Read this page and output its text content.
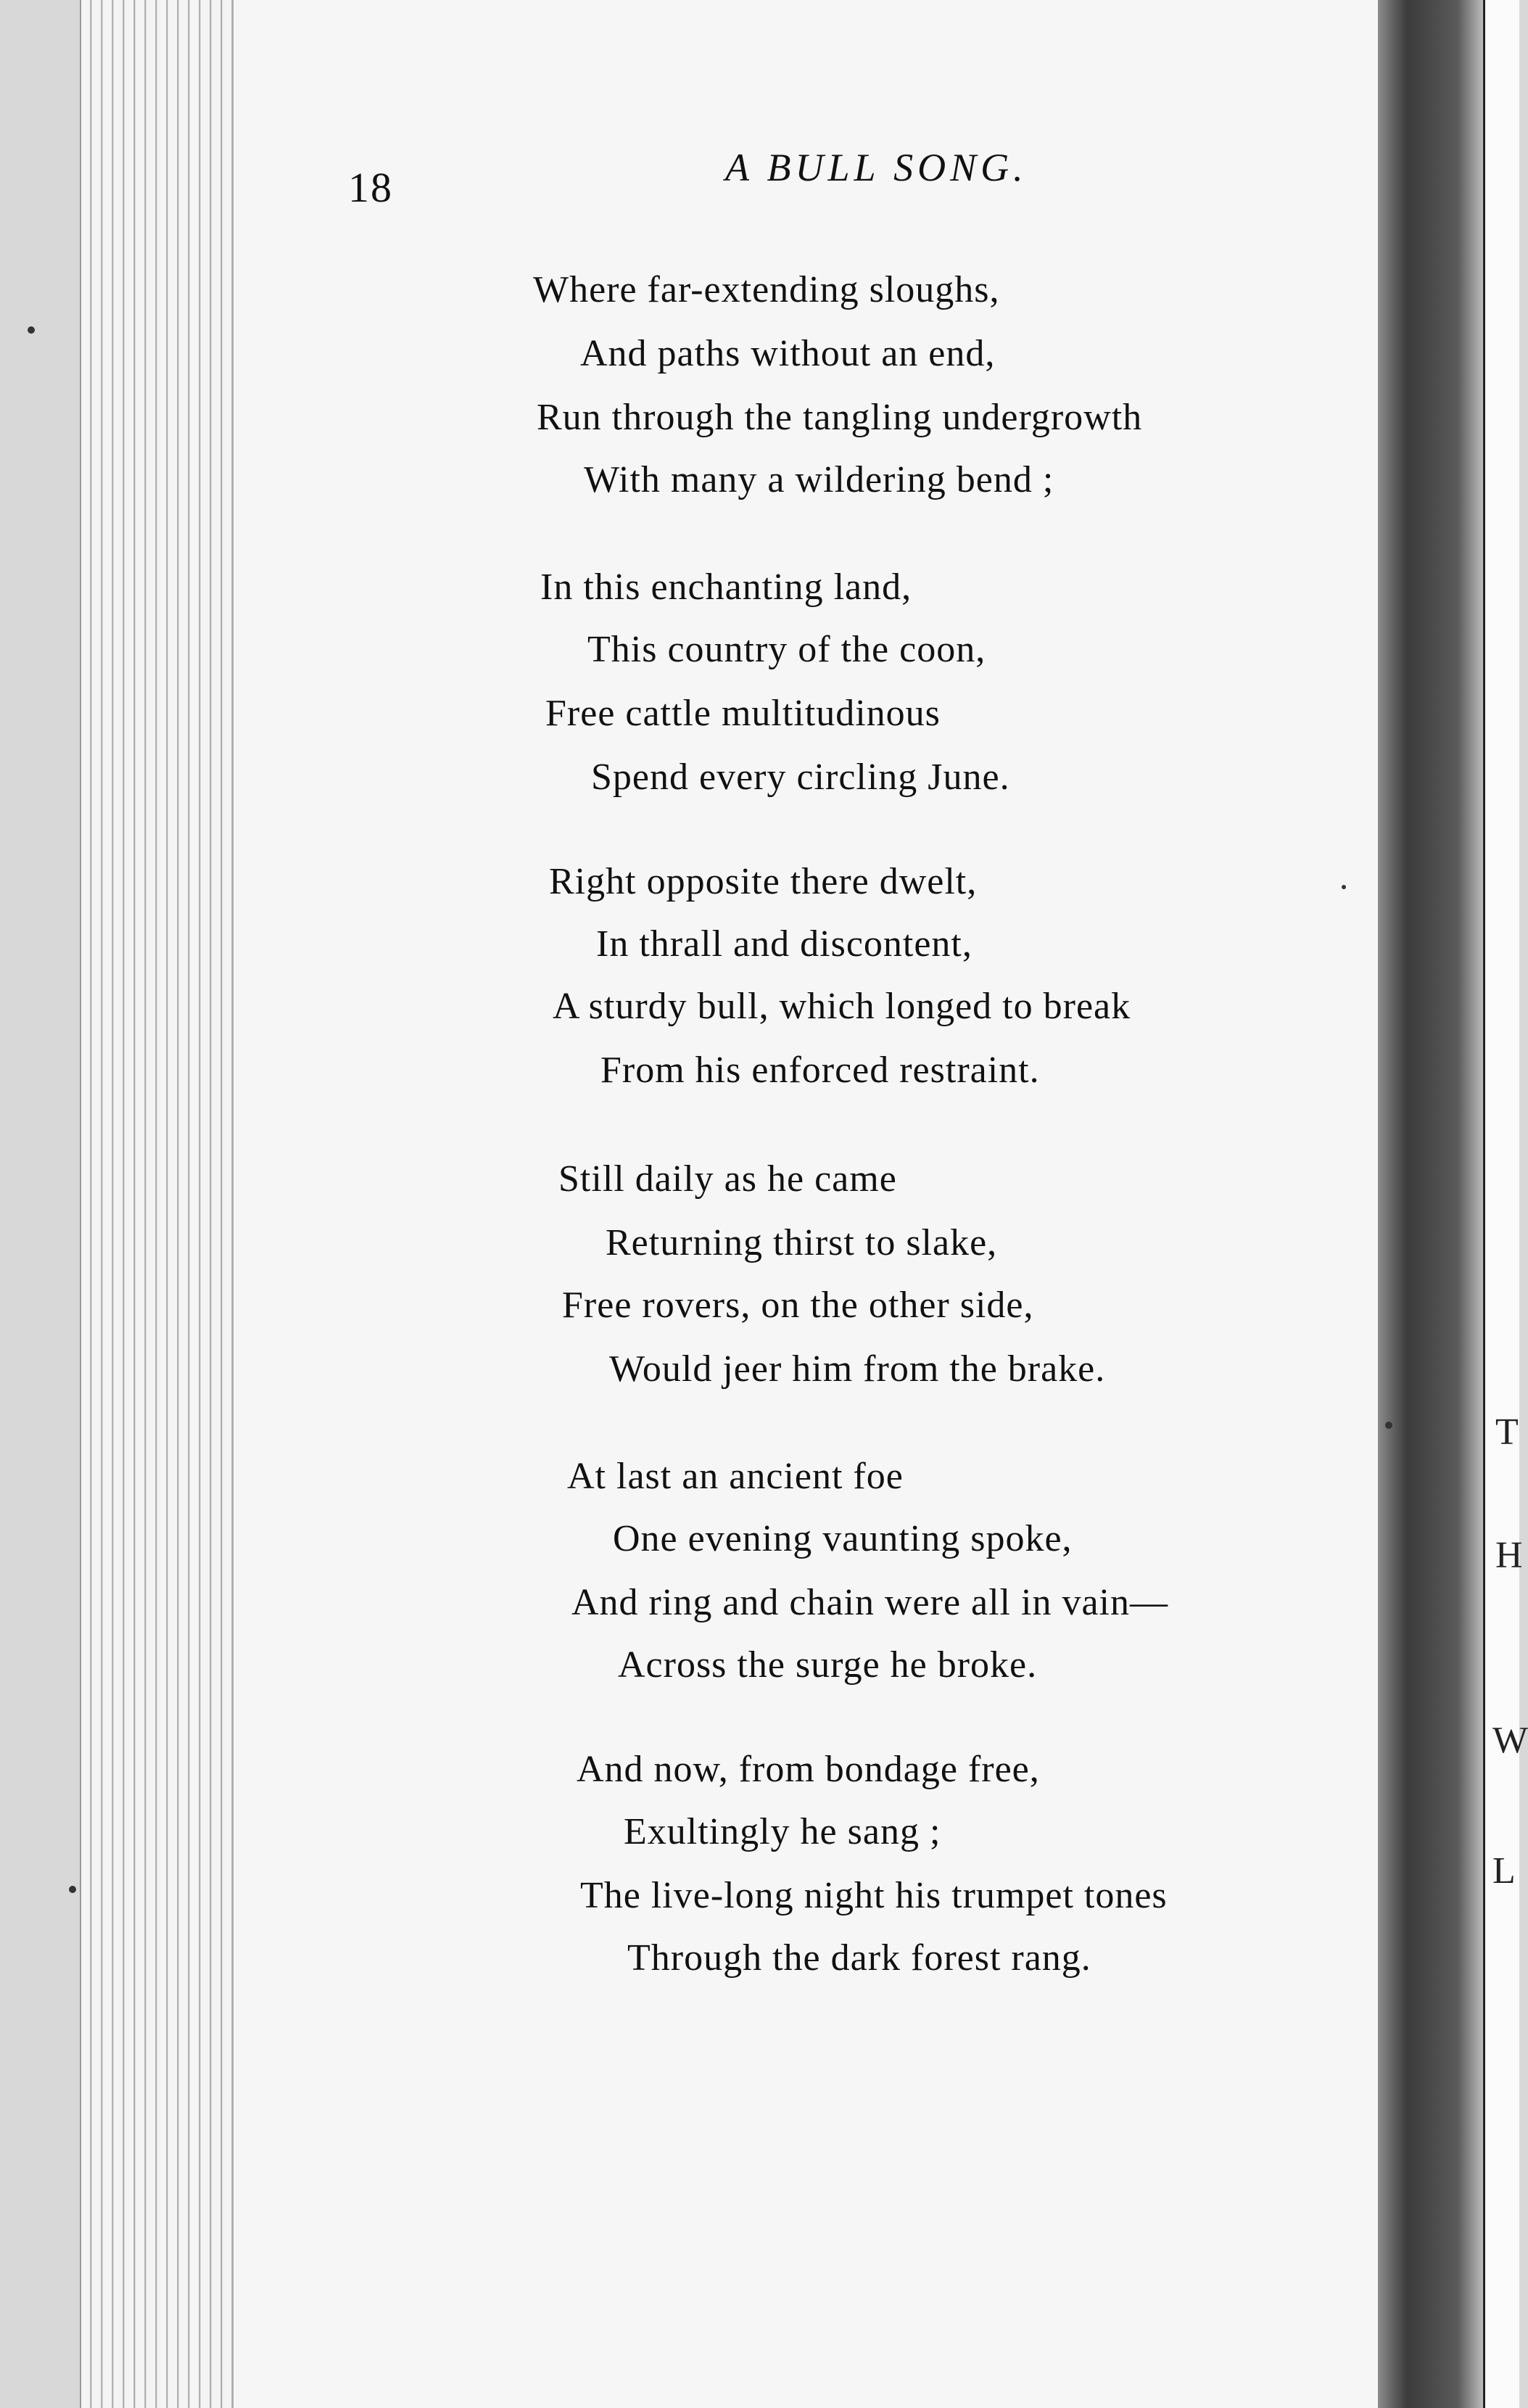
18	A BULL SONG.
Where far-extending sloughs,
And paths without an end,
Run through the tangling undergrowth
With many a wildering bend ;
In this enchanting land,
This country of the coon,
Free cattle multitudinous
Spend every circling June.
Right opposite there dwelt,
In thrall and discontent,
A sturdy bull, which longed to break
From his enforced restraint.
Still daily as he came
Returning thirst to slake,
Free rovers, on the other side,
Would jeer him from the brake.
At last an ancient foe
One evening vaunting spoke,
And ring and chain were all in vain—
Across the surge he broke.
And now, from bondage free,
Exultingly he sang ;
The live-long night his trumpet tones
Through the dark forest rang.
T
H
W
L
